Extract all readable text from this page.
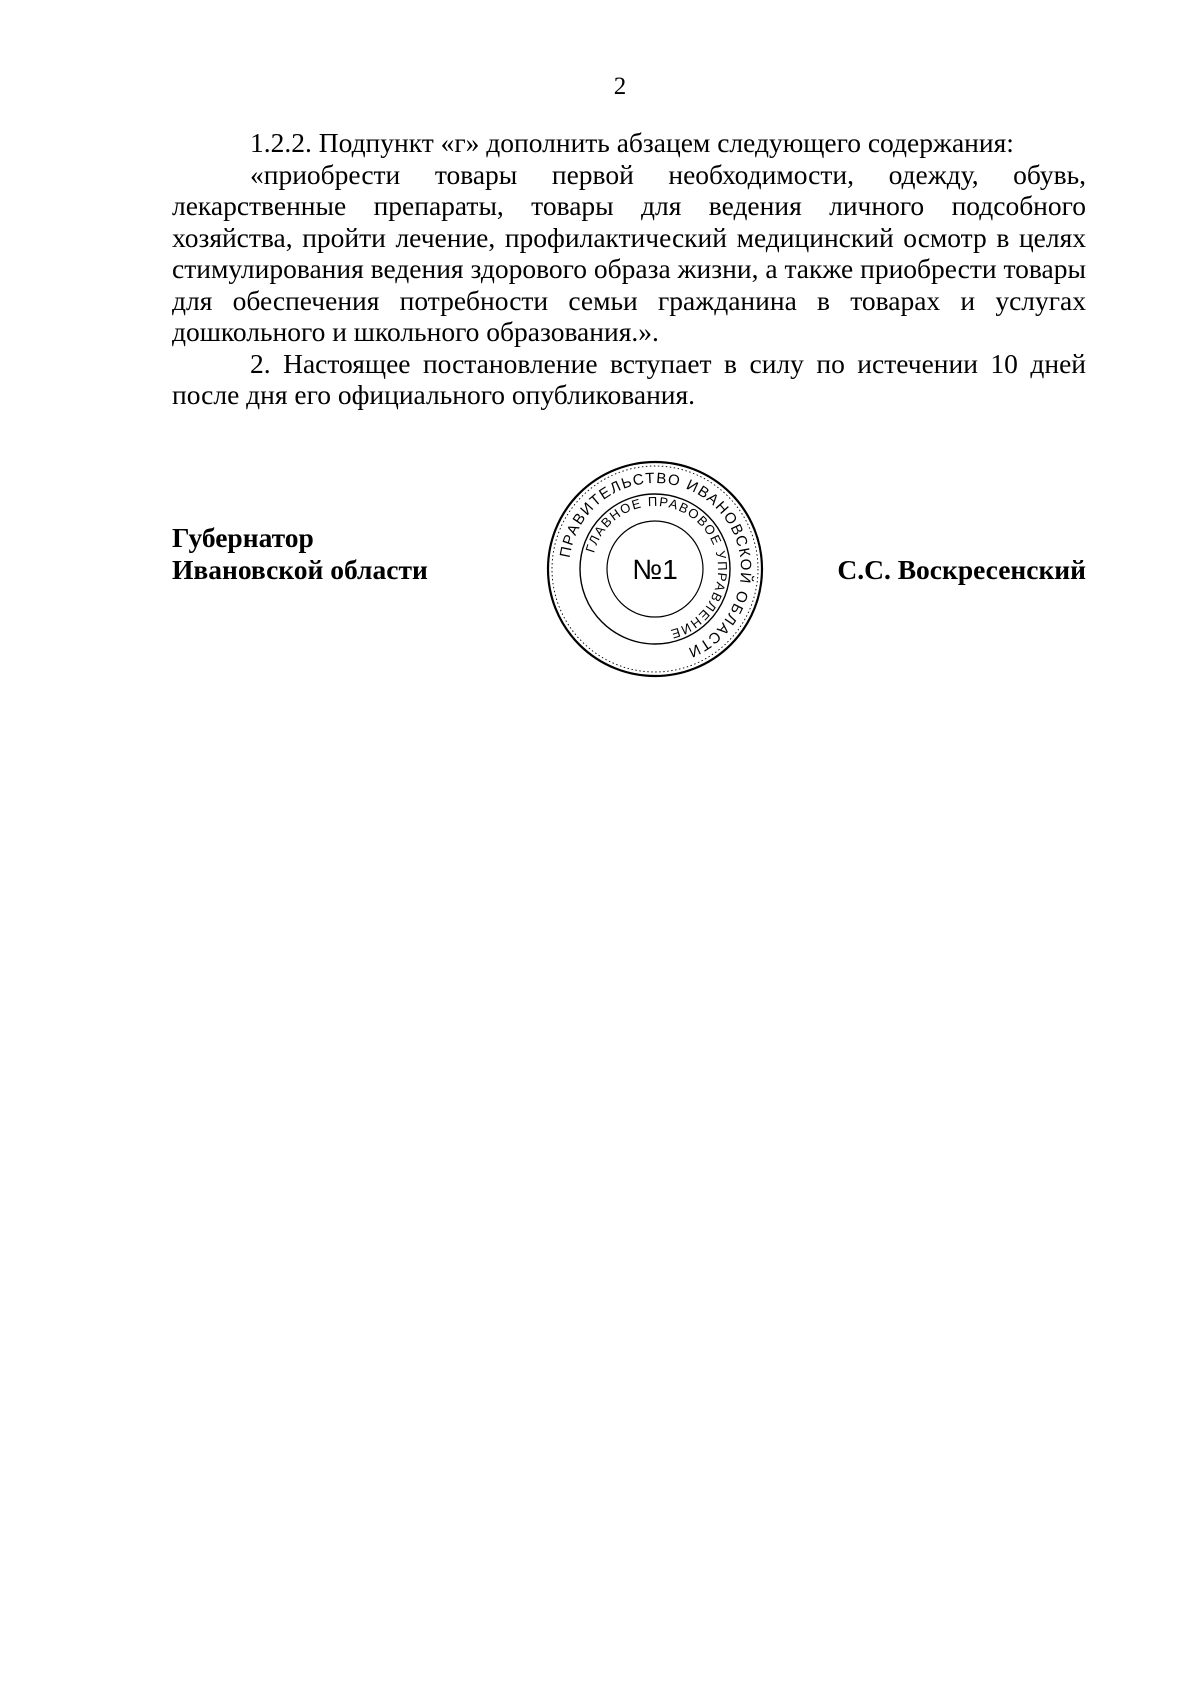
2

1.2.2. Подпункт «г» дополнить абзацем следующего содержания:

«приобрести товары первой необходимости, одежду, обувь, лекарственные препараты, товары для ведения личного подсобного хозяйства, пройти лечение, профилактический медицинский осмотр в целях стимулирования ведения здорового образа жизни, а также приобрести товары для обеспечения потребности семьи гражданина в товарах и услугах дошкольного и школьного образования.».

2. Настоящее постановление вступает в силу по истечении 10 дней после дня его официального опубликования.

Губернатор
Ивановской области
ПРАВИТЕЛЬСТВО ИВАНОВСКОЙ ОБЛАСТИ
ГЛАВНОЕ ПРАВОВОЕ УПРАВЛЕНИЕ
№1	С.С. Воскресенский
